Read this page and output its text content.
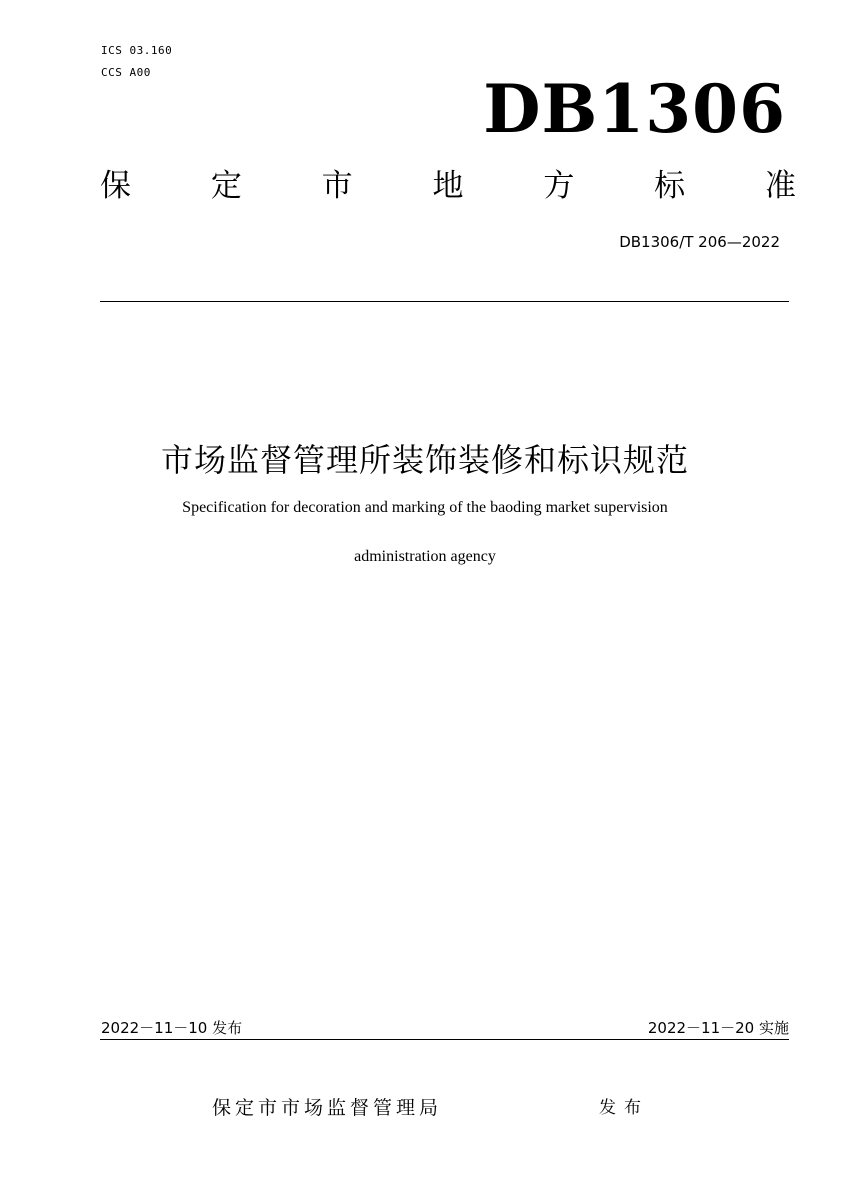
ICS 03.160
CCS A00	DB1306
保	定	市	地	方	标	准
DB1306/T 206—2022
市场监督管理所装饰装修和标识规范
Specification for decoration and marking of the baoding market supervision
administration agency
2022－11－10 发布	2022－11－20 实施
保定市市场监督管理局	发布
